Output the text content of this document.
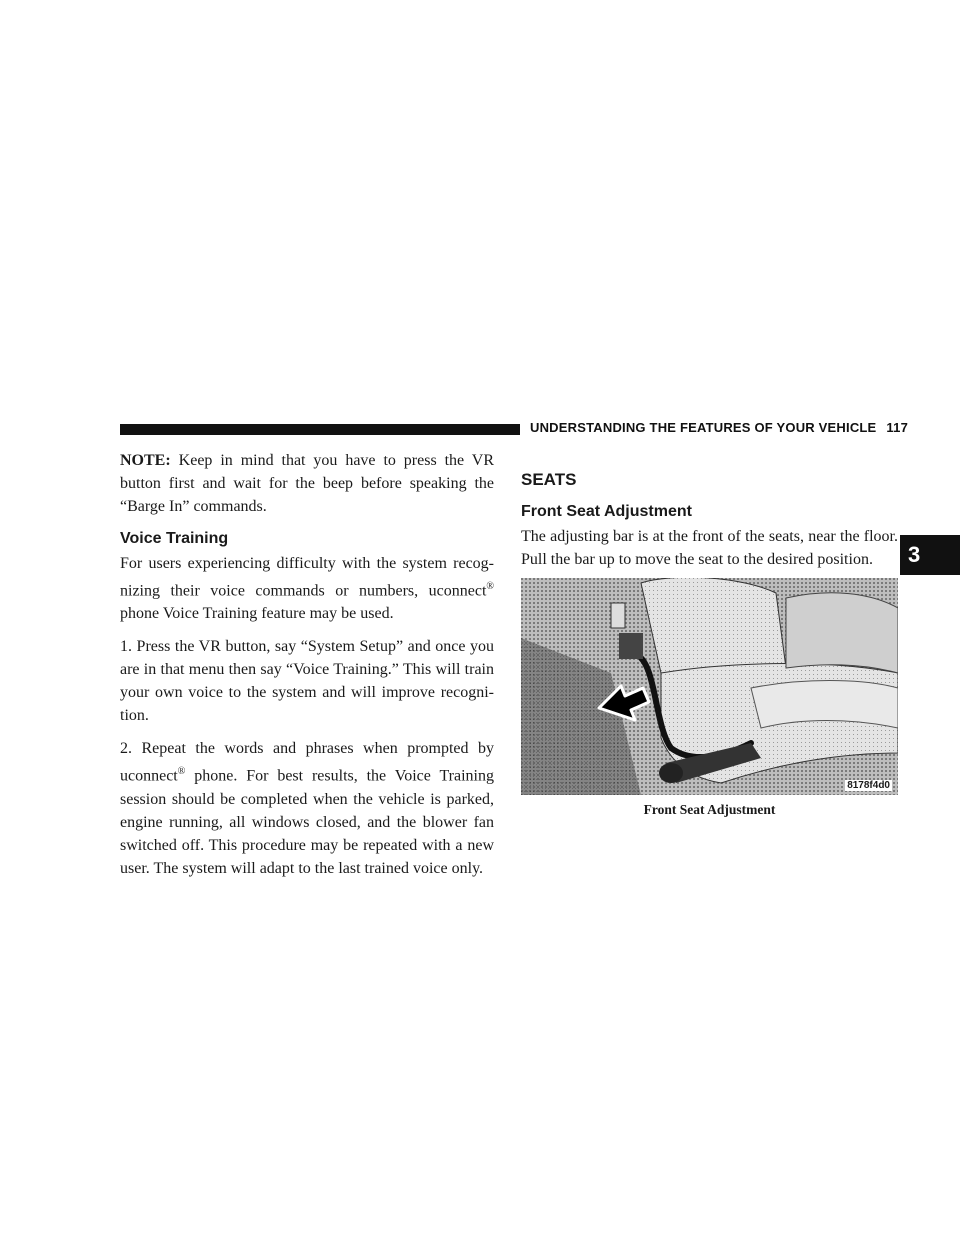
UNDERSTANDING THE FEATURES OF YOUR VEHICLE 117
3

NOTE: Keep in mind that you have to press the VR button first and wait for the beep before speaking the “Barge In” commands.

Voice Training

For users experiencing difficulty with the system recog- nizing their voice commands or numbers, uconnect® phone Voice Training feature may be used.

1. Press the VR button, say “System Setup” and once you are in that menu then say “Voice Training.” This will train your own voice to the system and will improve recogni- tion.

2. Repeat the words and phrases when prompted by uconnect® phone. For best results, the Voice Training session should be completed when the vehicle is parked, engine running, all windows closed, and the blower fan switched off. This procedure may be repeated with a new user. The system will adapt to the last trained voice only.

SEATS
Front Seat Adjustment

The adjusting bar is at the front of the seats, near the floor. Pull the bar up to move the seat to the desired position.

8178f4d0
Front Seat Adjustment
